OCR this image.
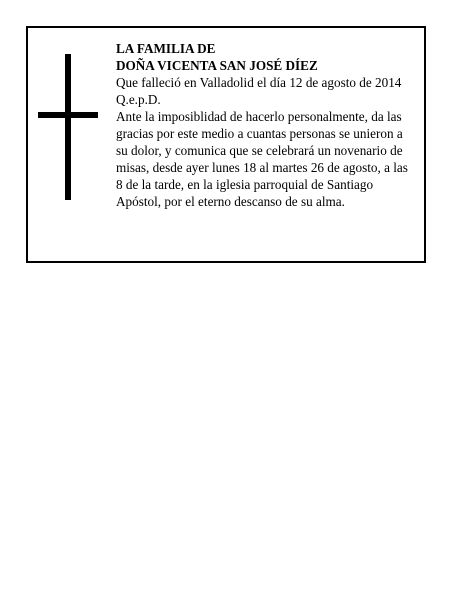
LA FAMILIA DE
DOÑA VICENTA SAN JOSÉ DÍEZ
Que falleció en Valladolid el día 12 de agosto de 2014
Q.e.p.D.
Ante la imposiblidad de hacerlo personalmente, da las
gracias por este medio a cuantas personas se unieron a
su dolor, y comunica que se celebrará un novenario de
misas, desde ayer lunes 18 al martes 26 de agosto, a las
8 de la tarde, en la iglesia parroquial de Santiago
Apóstol, por el eterno descanso de su alma.
